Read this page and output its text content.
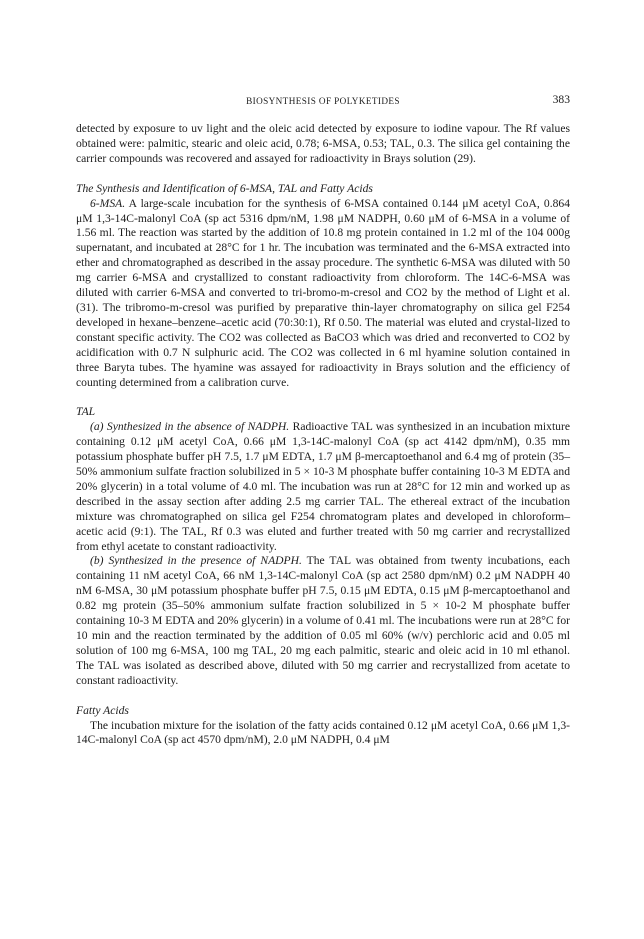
BIOSYNTHESIS OF POLYKETIDES	383

detected by exposure to uv light and the oleic acid detected by exposure to iodine vapour. The Rf values obtained were: palmitic, stearic and oleic acid, 0.78; 6-MSA, 0.53; TAL, 0.3. The silica gel containing the carrier compounds was recovered and assayed for radioactivity in Brays solution (29).

The Synthesis and Identification of 6-MSA, TAL and Fatty Acids

6-MSA. A large-scale incubation for the synthesis of 6-MSA contained 0.144 μM acetyl CoA, 0.864 μM 1,3-14C-malonyl CoA (sp act 5316 dpm/nM, 1.98 μM NADPH, 0.60 μM of 6-MSA in a volume of 1.56 ml. The reaction was started by the addition of 10.8 mg protein contained in 1.2 ml of the 104 000g supernatant, and incubated at 28°C for 1 hr. The incubation was terminated and the 6-MSA extracted into ether and chromatographed as described in the assay procedure. The synthetic 6-MSA was diluted with 50 mg carrier 6-MSA and crystallized to constant radioactivity from chloroform. The 14C-6-MSA was diluted with carrier 6-MSA and converted to tri-bromo-m-cresol and CO2 by the method of Light et al. (31). The tribromo-m-cresol was purified by preparative thin-layer chromatography on silica gel F254 developed in hexane–benzene–acetic acid (70:30:1), Rf 0.50. The material was eluted and crystal-lized to constant specific activity. The CO2 was collected as BaCO3 which was dried and reconverted to CO2 by acidification with 0.7 N sulphuric acid. The CO2 was collected in 6 ml hyamine solution contained in three Baryta tubes. The hyamine was assayed for radioactivity in Brays solution and the efficiency of counting determined from a calibration curve.

TAL

(a) Synthesized in the absence of NADPH. Radioactive TAL was synthesized in an incubation mixture containing 0.12 μM acetyl CoA, 0.66 μM 1,3-14C-malonyl CoA (sp act 4142 dpm/nM), 0.35 mm potassium phosphate buffer pH 7.5, 1.7 μM EDTA, 1.7 μM β-mercaptoethanol and 6.4 mg of protein (35–50% ammonium sulfate fraction solubilized in 5 × 10-3 M phosphate buffer containing 10-3 M EDTA and 20% glycerin) in a total volume of 4.0 ml. The incubation was run at 28°C for 12 min and worked up as described in the assay section after adding 2.5 mg carrier TAL. The ethereal extract of the incubation mixture was chromatographed on silica gel F254 chromatogram plates and developed in chloroform–acetic acid (9:1). The TAL, Rf 0.3 was eluted and further treated with 50 mg carrier and recrystallized from ethyl acetate to constant radioactivity.

(b) Synthesized in the presence of NADPH. The TAL was obtained from twenty incubations, each containing 11 nM acetyl CoA, 66 nM 1,3-14C-malonyl CoA (sp act 2580 dpm/nM) 0.2 μM NADPH 40 nM 6-MSA, 30 μM potassium phosphate buffer pH 7.5, 0.15 μM EDTA, 0.15 μM β-mercaptoethanol and 0.82 mg protein (35–50% ammonium sulfate fraction solubilized in 5 × 10-2 M phosphate buffer containing 10-3 M EDTA and 20% glycerin) in a volume of 0.41 ml. The incubations were run at 28°C for 10 min and the reaction terminated by the addition of 0.05 ml 60% (w/v) perchloric acid and 0.05 ml solution of 100 mg 6-MSA, 100 mg TAL, 20 mg each palmitic, stearic and oleic acid in 10 ml ethanol. The TAL was isolated as described above, diluted with 50 mg carrier and recrystallized from acetate to constant radioactivity.

Fatty Acids

The incubation mixture for the isolation of the fatty acids contained 0.12 μM acetyl CoA, 0.66 μM 1,3-14C-malonyl CoA (sp act 4570 dpm/nM), 2.0 μM NADPH, 0.4 μM
